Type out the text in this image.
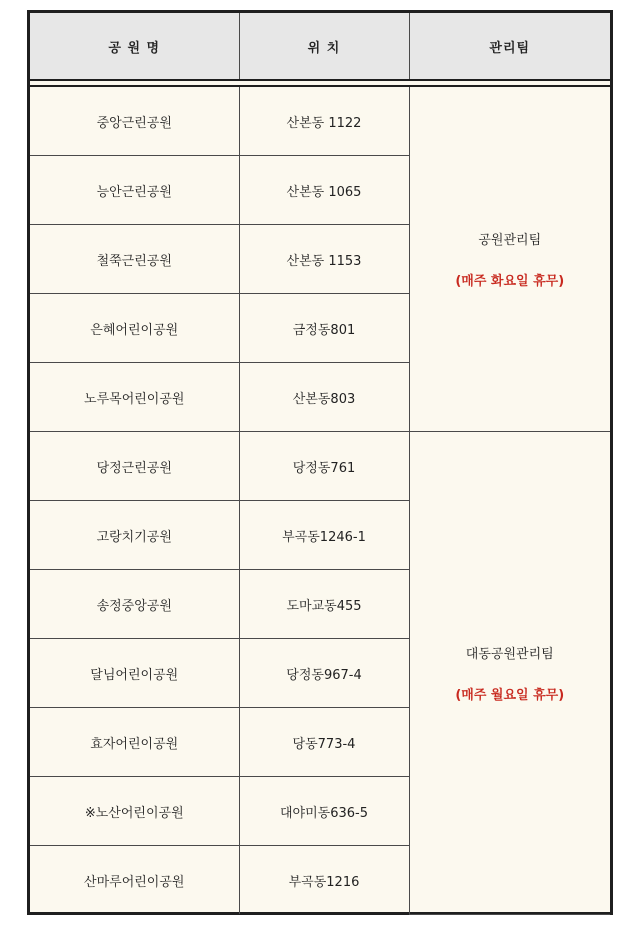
공 원 명	위 치	관리팀

중앙근린공원	산본동 1122	공원관리팀
(매주 화요일 휴무)

능안근린공원	산본동 1065	
철쭉근린공원	산본동 1153	
은혜어린이공원	금정동801	
노루목어린이공원	산본동803	
당정근린공원	당정동761	대동공원관리팀
(매주 월요일 휴무)

고랑치기공원	부곡동1246-1	
송정중앙공원	도마교동455	
달님어린이공원	당정동967-4	
효자어린이공원	당동773-4	
※노산어린이공원	대야미동636-5	
산마루어린이공원	부곡동1216	
